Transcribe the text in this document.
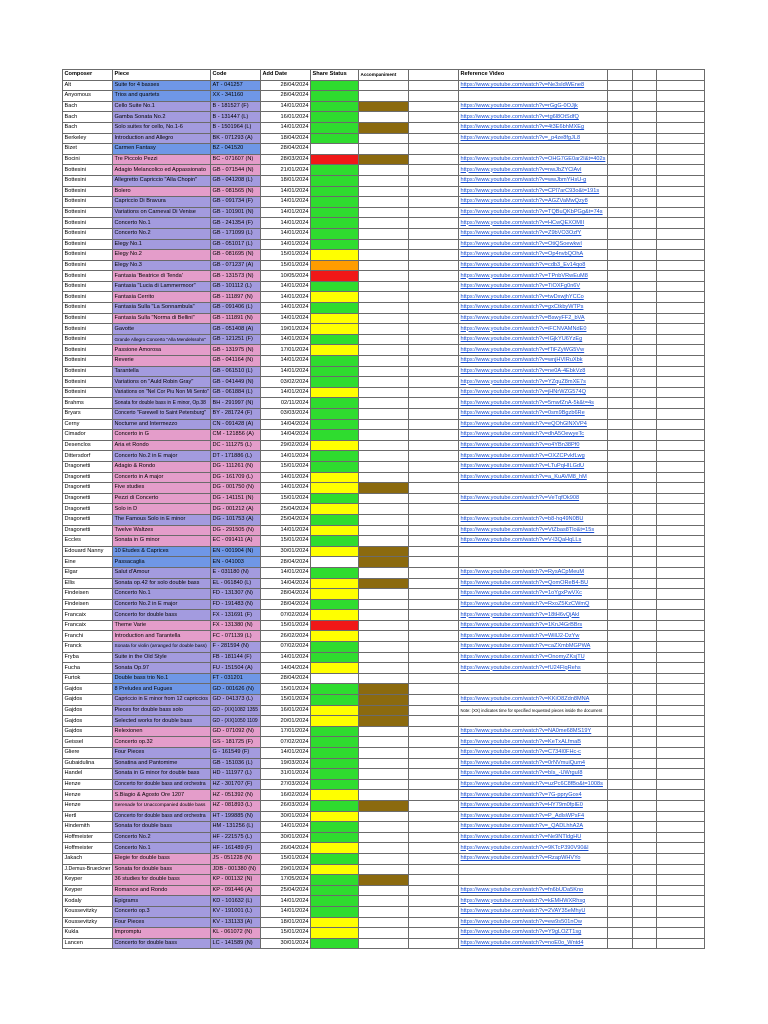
Composer	Piece	Code	Add Date	Share Status	Accompaniment		Reference Video			
Alt	Suite for 4 basses	AT - 041257	28/04/2024				https://www.youtube.com/watch?v=Ne3sIdWEne8			
Anyomous	Trios and quartets	XX - 341160	28/04/2024							
Bach	Cello Suite No.1	B - 181527 (F)	14/01/2024				https://www.youtube.com/watch?v=rGgG-0OJjk			
Bach	Gamba Sonata No.2	B - 131447 (L)	16/01/2024				https://www.youtube.com/watch?v=tg6l8OtSdfQ			
Bach	Solo suites for cello, No.1-6	B - 1501964 (L)	14/01/2024				https://www.youtube.com/watch?v=4t3E6bhMXEg			
Berkeley	Introduction and Allegro	BK - 071293 (A)	18/04/2024				https://www.youtube.com/watch?v=_p4ze8fgJL8			
Bizet	Carmen Fantasy	BZ - 041520	28/04/2024							
Bocini	Tre Piccolo Pezzi	BC - 071607 (N)	28/03/2024				https://www.youtube.com/watch?v=OHG7GE0ar2I&t=402s			
Bottesini	Adagio Melancolico ed Appassionato	GB - 071544 (N)	21/01/2024				https://www.youtube.com/watch?v=nwJbZYClAvI			
Bottesini	Allegretto Capriccio "Alla Chopin"	GB - 041208 (L)	18/01/2024				https://www.youtube.com/watch?v=wwJbmYHsU-g			
Bottesini	Bolero	GB - 081565 (N)	14/01/2024				https://www.youtube.com/watch?v=CPl7arC93o&t=191s			
Bottesini	Capriccio Di Bravura	GB - 091734 (F)	14/01/2024				https://www.youtube.com/watch?v=AGZVaMwQzy8			
Bottesini	Variations on Carneval Di Venise	GB - 101901 (N)	14/01/2024				https://www.youtube.com/watch?v=TQBuQKbPGg&t=74s			
Bottesini	Concerto No.1	GB - 241354 (F)	14/01/2024				https://www.youtube.com/watch?v=HCwQEXOMII			
Bottesini	Concerto No.2	GB - 171099 (L)	14/01/2024				https://www.youtube.com/watch?v=Z9bVO3OzfY			
Bottesini	Elegy No.1	GB - 051017 (L)	14/01/2024				https://www.youtube.com/watch?v=OtiQSoewkwI			
Bottesini	Elegy No.2	GB - 081695 (N)	15/01/2024				https://www.youtube.com/watch?v=Op4nvbQOhA			
Bottesini	Elegy No.3	GB - 071237 (A)	15/01/2024				https://www.youtube.com/watch?v=cdb3_Ev14qo8			
Bottesini	Fantasia 'Beatrice di Tenda'	GB - 131573 (N)	10/05/2024				https://www.youtube.com/watch?v=TPnbVRwEuM8			
Bottesini	Fantasia "Lucia di Lammermoor"	GB - 101112 (L)	14/01/2024				https://www.youtube.com/watch?v=TiOXFg0n6V			
Bottesini	Fantasia Cerrito	GB - 111897 (N)	14/01/2024				https://www.youtube.com/watch?v=twDxwjhYCCo			
Bottesini	Fantasia Sulla "La Sonnambula"	GB - 091406 (L)	14/01/2024				https://www.youtube.com/watch?v=gxCtkbyWTPs			
Bottesini	Fantasia Sulla "Norma di Bellini"	GB - 111891 (N)	14/01/2024				https://www.youtube.com/watch?v=BswyFF2_bVA			
Bottesini	Gavotte	GB - 051408 (A)	19/01/2024				https://www.youtube.com/watch?v=iFCNVAMNdE0			
Bottesini	Grande Allegro Concerto "Alla Mendelssohn"	GB - 121251 (F)	14/01/2024				https://www.youtube.com/watch?v=IGjkYU6YzEg			
Bottesini	Passione Amorosa	GB - 131975 (N)	17/01/2024				https://www.youtube.com/watch?v=fTiFZyWG5Vw			
Bottesini	Reverie	GB - 041164 (N)	14/01/2024				https://www.youtube.com/watch?v=wnjHVIRuXbk			
Bottesini	Tarantella	GB - 061510 (L)	14/01/2024				https://www.youtube.com/watch?v=ne0A-4EbkVz8			
Bottesini	Variations on "Auld Robin Gray"	GB - 041449 (N)	03/02/2024				https://www.youtube.com/watch?v=YZquZ8mXE7s			
Bottesini	Variations on "Nel Cor Piu Non Mi Sento"	GB - 061884 (L)	14/01/2024				https://www.youtube.com/watch?v=jHNrWZG574Q			
Brahms	Sonata for double bass in E minor, Op.38	BH - 291997 (N)	02/11/2024				https://www.youtube.com/watch?v=5mwfZnA-5k&t=4s			
Bryars	Concerto "Farewell to Saint Petersburg"	BY - 281724 (F)	03/03/2024				https://www.youtube.com/watch?v=0sm9Bgzb6Re			
Cerny	Nocturne and Intermezzo	CN - 091428 (A)	14/04/2024				https://www.youtube.com/watch?v=eQOhGlNXVP4			
Cimador	Concerto in G	CM - 121856 (A)	14/04/2024				https://www.youtube.com/watch?v=dhA5OewyeTc			
Desenclos	Aria et Rondo	DC - 111275 (L)	29/02/2024				https://www.youtube.com/watch?v=o4YBn38Pf0			
Dittersdorf	Concerto No.2 in E major	DT - 171886 (L)	14/01/2024				https://www.youtube.com/watch?v=OXZCPvkfLwg			
Dragonetti	Adagio & Rondo	DG - 111261 (N)	15/01/2024				https://www.youtube.com/watch?v=LTuPqHILGdU			
Dragonetti	Concerto in A major	DG - 161709 (L)	14/01/2024				https://www.youtube.com/watch?v=a_KuAVM8_hM			
Dragonetti	Five studies	DG - 001750 (N)	14/01/2024							
Dragonetti	Pezzi di Concerto	DG - 141151 (N)	15/01/2024				https://www.youtube.com/watch?v=VeTqfOk908			
Dragonetti	Solo in D	DG - 001212 (A)	25/04/2024							
Dragonetti	The Famous Solo in E minor	DG - 101753 (A)	25/04/2024				https://www.youtube.com/watch?v=b8-hq49N0BU			
Dragonetti	Twelve Waltzes	DG - 291505 (N)	14/01/2024				https://www.youtube.com/watch?v=VtZbas8Tlo&t=15s			
Eccles	Sonata in G minor	EC - 091411 (A)	15/01/2024				https://www.youtube.com/watch?v=V-l3QaHqLLs			
Edouard Nanny	10 Etudes & Caprices	EN - 001904 (N)	30/01/2024							
Eine	Passacaglia	EN - 041003	28/04/2024							
Elgar	Salut d'Amour	E - 031180 (N)	14/01/2024				https://www.youtube.com/watch?v=RysACpMeuM			
Ellis	Sonata op.42 for solo double bass	EL - 061840 (L)	14/04/2024				https://www.youtube.com/watch?v=QomOReB4-BU			
Findeisen	Concerto No.1	FD - 131307 (N)	28/04/2024				https://www.youtube.com/watch?v=1oYgxPwVXc			
Findeisen	Concerto No.2 in E major	FD - 191483 (N)	28/04/2024				https://www.youtube.com/watch?v=RxoZ5KzCWmQ			
Francaix	Concerto for double bass	FX - 131691 (F)	07/02/2024				https://www.youtube.com/watch?v=18tH6vQjAkI			
Francaix	Theme Varie	FX - 131380 (N)	15/01/2024				https://www.youtube.com/watch?v=1KnJ4GrBBrs			
Franchi	Introduction and Tarantella	FC - 071139 (L)	26/02/2024				https://www.youtube.com/watch?v=WillJ2-DzYw			
Franck	Sonata for violin (arranged for double bass)	F - 281594 (N)	07/02/2024				https://www.youtube.com/watch?v=caZXmbMGPWA			
Fryba	Suite in the Old Style	FB - 181144 (F)	14/01/2024				https://www.youtube.com/watch?v=OnomyZKsjTU			
Fucha	Sonata Op.97	FU - 151504 (A)	14/04/2024				https://www.youtube.com/watch?v=fU24FlqRehs			
Furtok	Double bass trio No.1	FT - 031201	28/04/2024							
Gajdos	8 Preludes and Fugues	GD - 001626 (N)	15/01/2024							
Gajdos	Capriccio in E minor from 12 capriccios	GD - 041373 (L)	15/01/2024				https://www.youtube.com/watch?v=KKiO8Zdn8MNA			
Gajdos	Pieces for double bass solo	GD - (XX)1082 1355	16/01/2024				Note: (XX) indicates time for specified requested pieces inside the document			
Gajdos	Selected works for double bass	GD - (XX)1050 1109	20/01/2024							
Gajdos	Relexionen	GD - 071092 (N)	17/01/2024				https://www.youtube.com/watch?v=NA0me68MS19Y			
Geissel	Concerto op.32	GS - 181725 (F)	07/02/2024				https://www.youtube.com/watch?v=KeTxALfmaB			
Gliere	Four Pieces	G - 161549 (F)	14/01/2024				https://www.youtube.com/watch?v=C734I0FHc-c			
Gubaidulina	Sonatina and Pantomime	GB - 151036 (L)	19/03/2024				https://www.youtube.com/watch?v=0rNVmuiQum4			
Handel	Sonata in G minor for double bass	HD - 111977 (L)	31/01/2024				https://www.youtube.com/watch?v=bIs_-UWrguI8			
Henze	Concerto for double bass and orchestra	HZ - 301707 (F)	27/03/2024				https://www.youtube.com/watch?v=uzPc6C8fBo&t=1008s			
Henze	S.Biagio & Agosto Ore 1207	HZ - 051392 (N)	16/02/2024				https://www.youtube.com/watch?v=7G-ppryGox4			
Henze	Serenade for Unaccompanied double bass	HZ - 081893 (L)	26/03/2024				https://www.youtube.com/watch?v=HY79m0fpIE0			
Hertl	Concerto for double bass and orchestra	HT - 199885 (N)	30/01/2024				https://www.youtube.com/watch?v=P_AdlsWPsF4			
Hindemith	Sonata for double bass	HM - 131256 (L)	14/01/2024				https://www.youtube.com/watch?v=_QADLhhA2A			
Hoffmeister	Concerto No.2	HF - 221575 (L)	30/01/2024				https://www.youtube.com/watch?v=Ne9NTldgHU			
Hoffmeister	Concerto No.1	HF - 161489 (F)	26/04/2024				https://www.youtube.com/watch?v=9KTcP390V90&l			
Jakach	Elegie for double bass	JS - 051228 (N)	15/01/2024				https://www.youtube.com/watch?v=RzapWHVYo			
J.Demus-Brueckner	Sonata for double bass	JDB - 001380 (N)	29/01/2024							
Keyper	36 studies for double bass	KP - 001132 (N)	17/05/2024							
Keyper	Romance and Rondo	KP - 091446 (A)	25/04/2024				https://www.youtube.com/watch?v=fn6bUDa5Kno			
Kodaly	Epigrams	KD - 101632 (L)	14/01/2024				https://www.youtube.com/watch?v=kEMHWXRhsg			
Koussevitzky	Concerto op.3	KV - 191001 (L)	14/01/2024				https://www.youtube.com/watch?v=2VAY35eMhyU			
Koussevitzky	Four Pieces	KV - 131133 (A)	18/01/2024				https://www.youtube.com/watch?v=ew9s501nOw			
Kukla	Impromptu	KL - 061072 (N)	15/01/2024				https://www.youtube.com/watch?v=Y9gLOZT1sg			
Lancen	Concerto for double bass	LC - 141589 (N)	30/01/2024				https://www.youtube.com/watch?v=noE0o_Wntd4			
